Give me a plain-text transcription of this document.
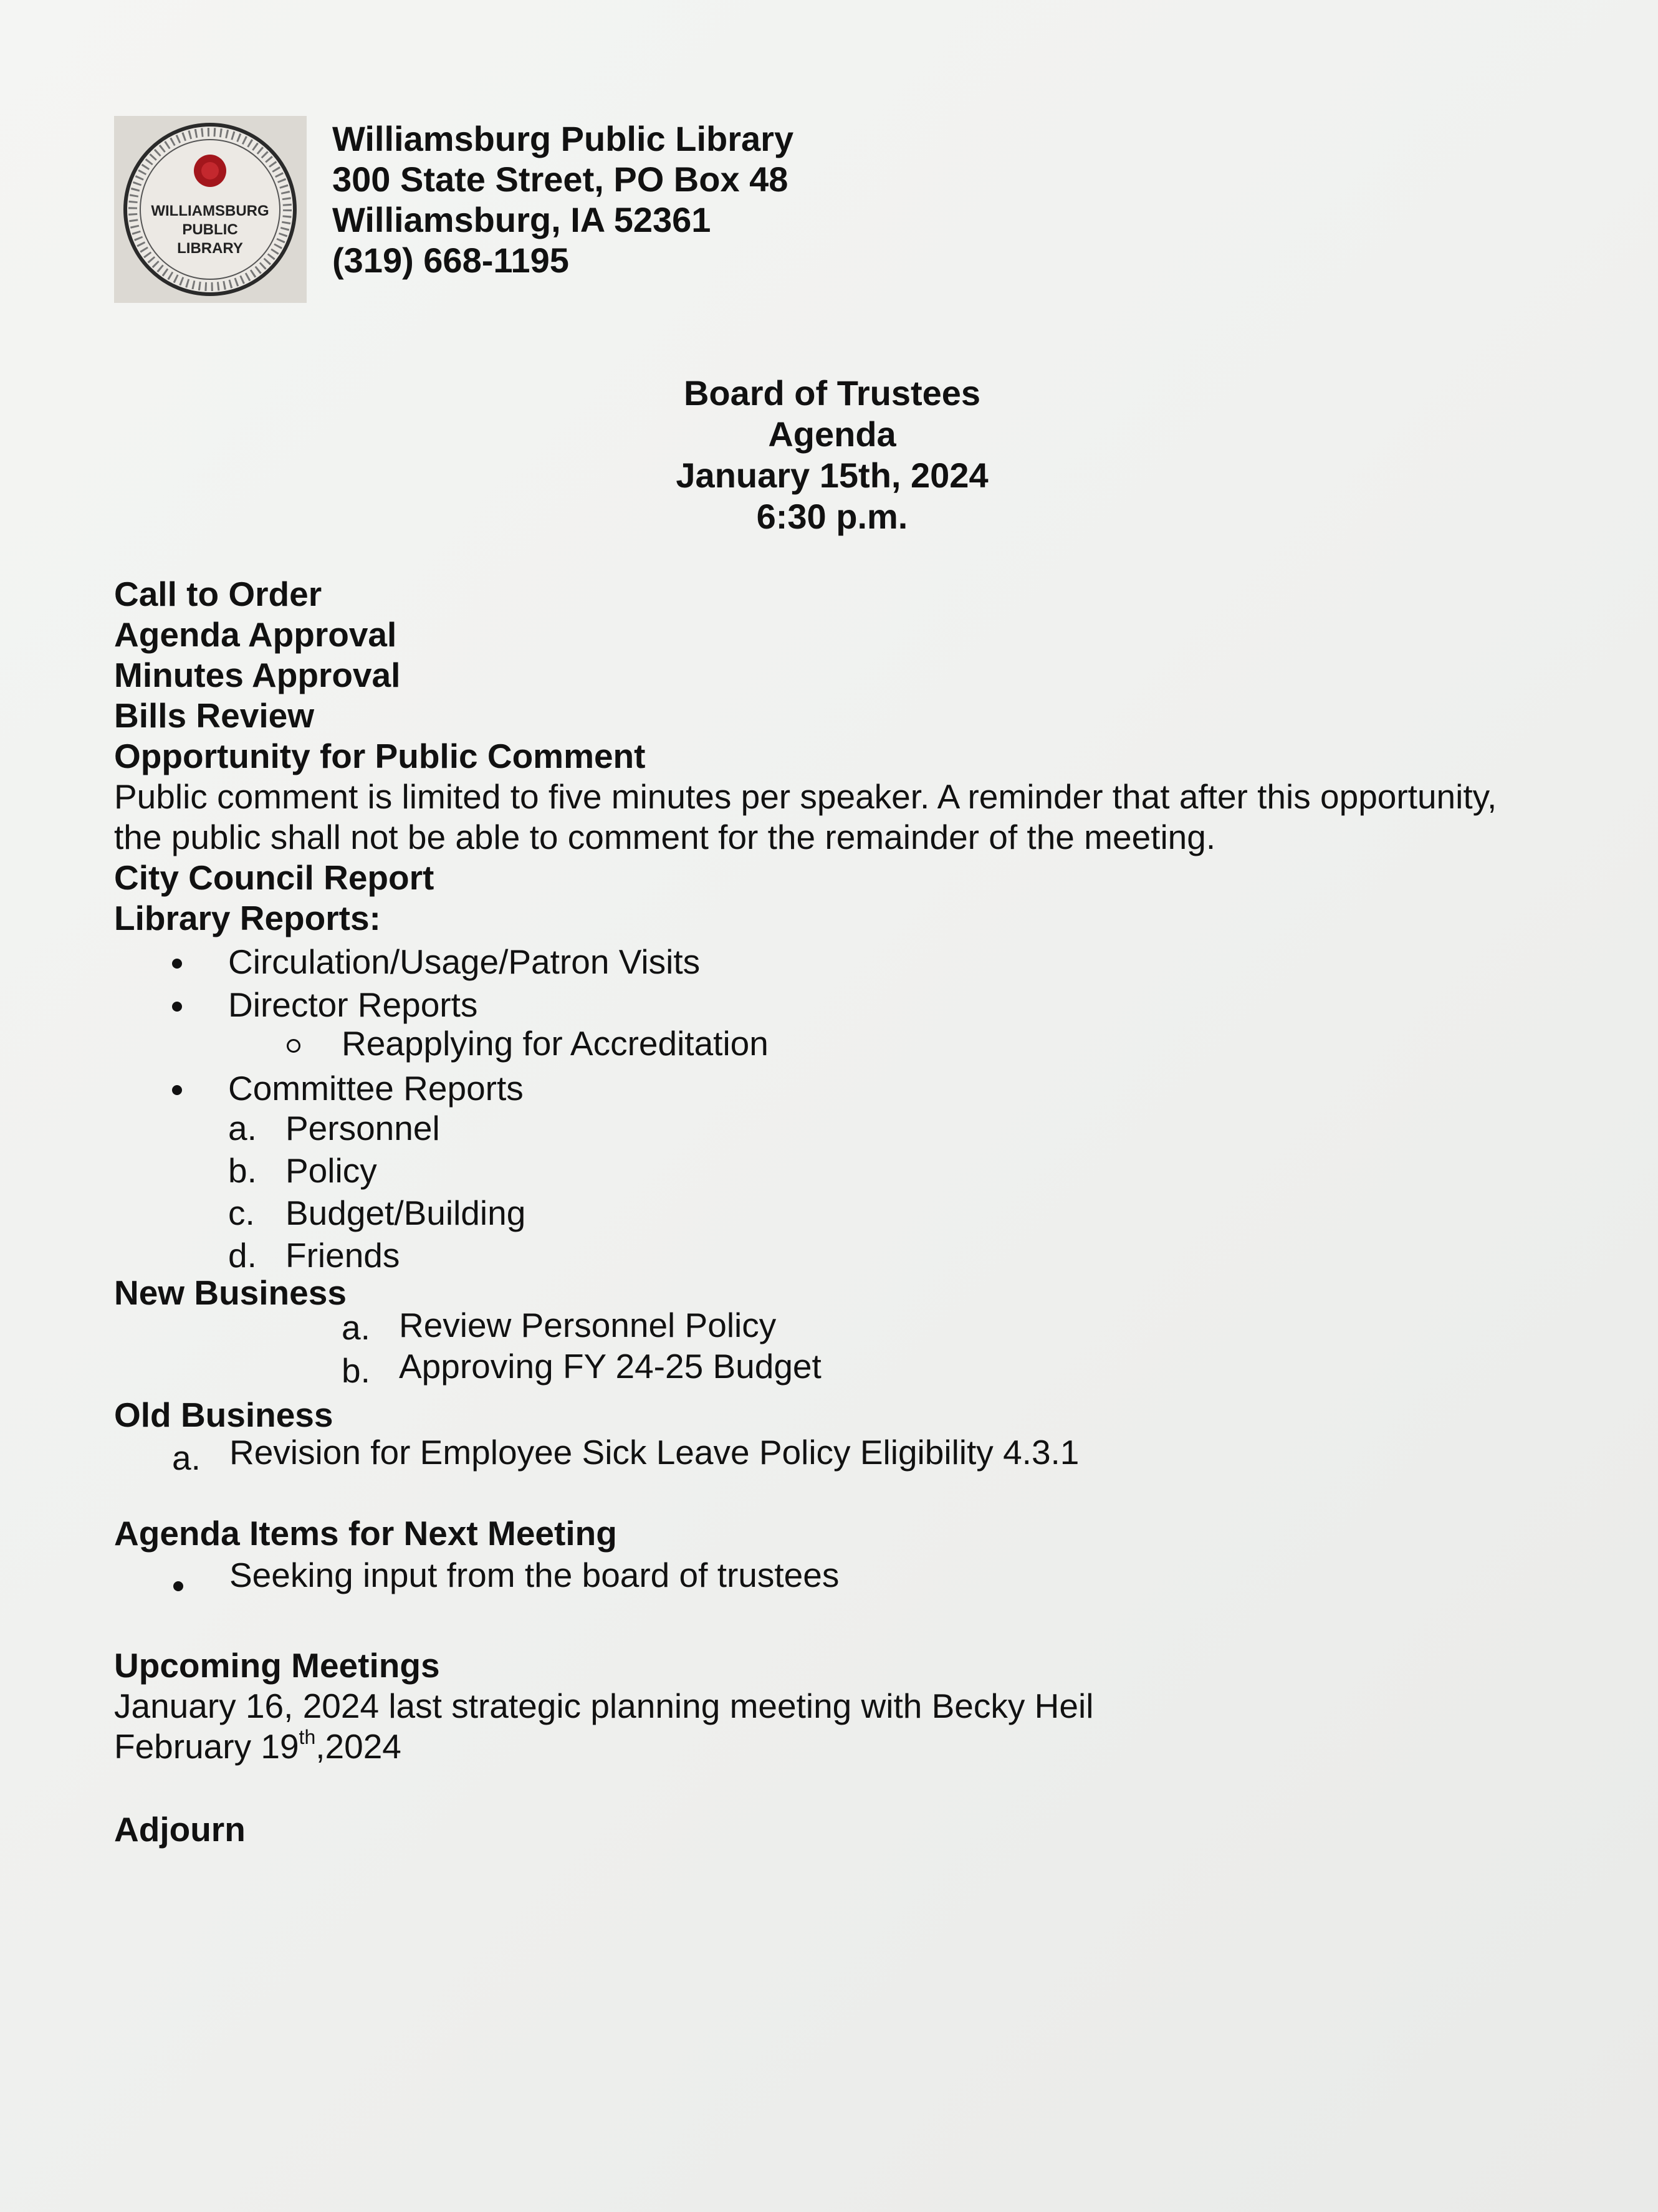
WILLIAMSBURG
PUBLIC
LIBRARY
Williamsburg Public Library
300 State Street, PO Box 48
Williamsburg, IA 52361
(319) 668-1195
Board of Trustees
Agenda
January 15th, 2024
6:30 p.m.
Call to Order
Agenda Approval
Minutes Approval
Bills Review
Opportunity for Public Comment
Public comment is limited to five minutes per speaker. A reminder that after this opportunity,
the public shall not be able to comment for the remainder of the meeting.
City Council Report
Library Reports:
Circulation/Usage/Patron Visits
Director Reports
Reapplying for Accreditation
Committee Reports
a. Personnel
b. Policy
c. Budget/Building
d. Friends
New Business
a. Review Personnel Policy
b. Approving FY 24-25 Budget
Old Business
a. Revision for Employee Sick Leave Policy Eligibility 4.3.1
Agenda Items for Next Meeting
Seeking input from the board of trustees
Upcoming Meetings
January 16, 2024 last strategic planning meeting with Becky Heil
February 19th,2024
Adjourn
